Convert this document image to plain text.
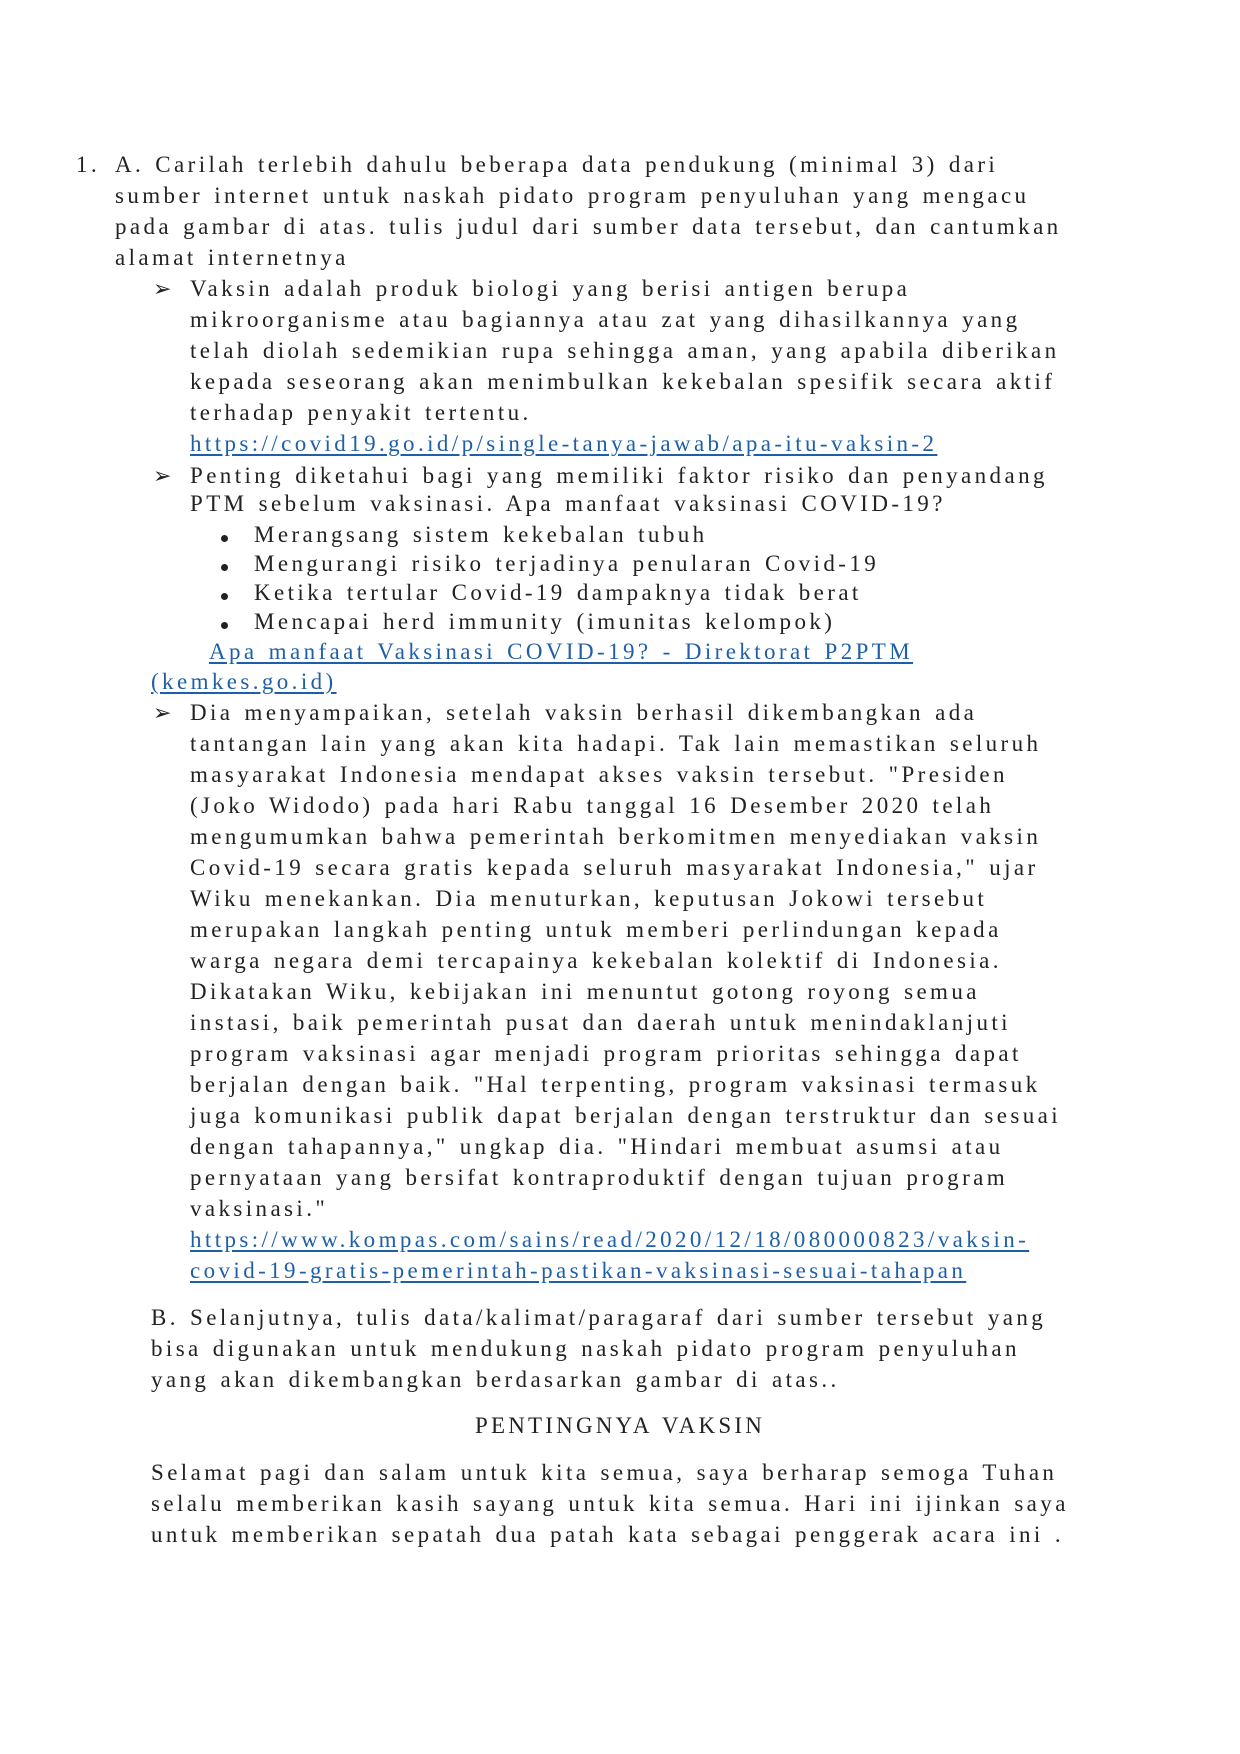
1. A. Carilah terlebih dahulu beberapa data pendukung (minimal 3) dari

sumber internet untuk naskah pidato program penyuluhan yang mengacu

pada gambar di atas. tulis judul dari sumber data tersebut, dan cantumkan

alamat internetnya

➢ Vaksin adalah produk biologi yang berisi antigen berupa

mikroorganisme atau bagiannya atau zat yang dihasilkannya yang

telah diolah sedemikian rupa sehingga aman, yang apabila diberikan

kepada seseorang akan menimbulkan kekebalan spesifik secara aktif

terhadap penyakit tertentu.

https://covid19.go.id/p/single-tanya-jawab/apa-itu-vaksin-2

➢ Penting diketahui bagi yang memiliki faktor risiko dan penyandang

PTM sebelum vaksinasi. Apa manfaat vaksinasi COVID-19?

Merangsang sistem kekebalan tubuh

Mengurangi risiko terjadinya penularan Covid-19

Ketika tertular Covid-19 dampaknya tidak berat

Mencapai herd immunity (imunitas kelompok)

Apa manfaat Vaksinasi COVID-19? - Direktorat P2PTM

(kemkes.go.id)

➢ Dia menyampaikan, setelah vaksin berhasil dikembangkan ada

tantangan lain yang akan kita hadapi. Tak lain memastikan seluruh

masyarakat Indonesia mendapat akses vaksin tersebut. "Presiden

(Joko Widodo) pada hari Rabu tanggal 16 Desember 2020 telah

mengumumkan bahwa pemerintah berkomitmen menyediakan vaksin

Covid-19 secara gratis kepada seluruh masyarakat Indonesia," ujar

Wiku menekankan. Dia menuturkan, keputusan Jokowi tersebut

merupakan langkah penting untuk memberi perlindungan kepada

warga negara demi tercapainya kekebalan kolektif di Indonesia.

Dikatakan Wiku, kebijakan ini menuntut gotong royong semua

instasi, baik pemerintah pusat dan daerah untuk menindaklanjuti

program vaksinasi agar menjadi program prioritas sehingga dapat

berjalan dengan baik. "Hal terpenting, program vaksinasi termasuk

juga komunikasi publik dapat berjalan dengan terstruktur dan sesuai

dengan tahapannya," ungkap dia. "Hindari membuat asumsi atau

pernyataan yang bersifat kontraproduktif dengan tujuan program

vaksinasi."

https://www.kompas.com/sains/read/2020/12/18/080000823/vaksin-

covid-19-gratis-pemerintah-pastikan-vaksinasi-sesuai-tahapan

B. Selanjutnya, tulis data/kalimat/paragaraf dari sumber tersebut yang

bisa digunakan untuk mendukung naskah pidato program penyuluhan

yang akan dikembangkan berdasarkan gambar di atas..

PENTINGNYA VAKSIN

Selamat pagi dan salam untuk kita semua, saya berharap semoga Tuhan

selalu memberikan kasih sayang untuk kita semua. Hari ini ijinkan saya

untuk memberikan sepatah dua patah kata sebagai penggerak acara ini .
